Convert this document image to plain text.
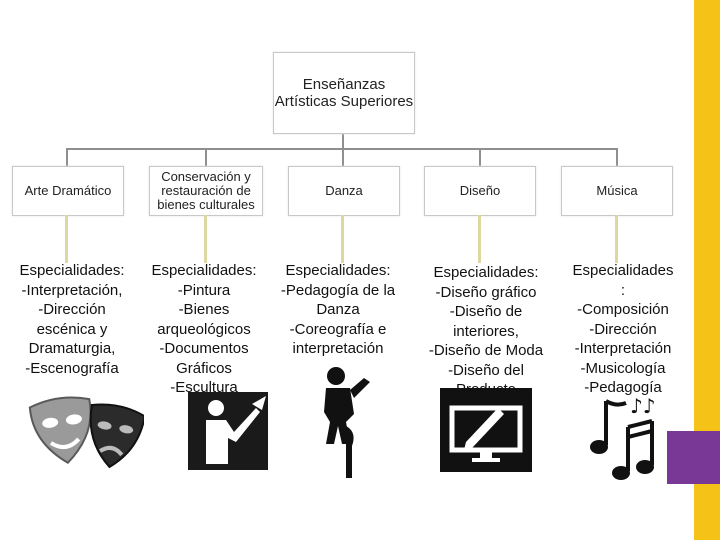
Enseñanzas Artísticas Superiores
Arte Dramático
Conservación y restauración de bienes culturales
Danza	Diseño	Música
♪♪
Especialidades:
-Interpretación,
-Dirección
escénica y
Dramaturgia,
-Escenografía
Especialidades:
-Pintura
-Bienes
arqueológicos
-Documentos
Gráficos
-Escultura
Especialidades:
-Pedagogía de la
Danza
-Coreografía e
interpretación
Especialidades:
-Diseño gráfico
-Diseño de
interiores,
-Diseño de Moda
-Diseño del
Producto
Especialidades
:
-Composición
-Dirección
-Interpretación
-Musicología
-Pedagogía
